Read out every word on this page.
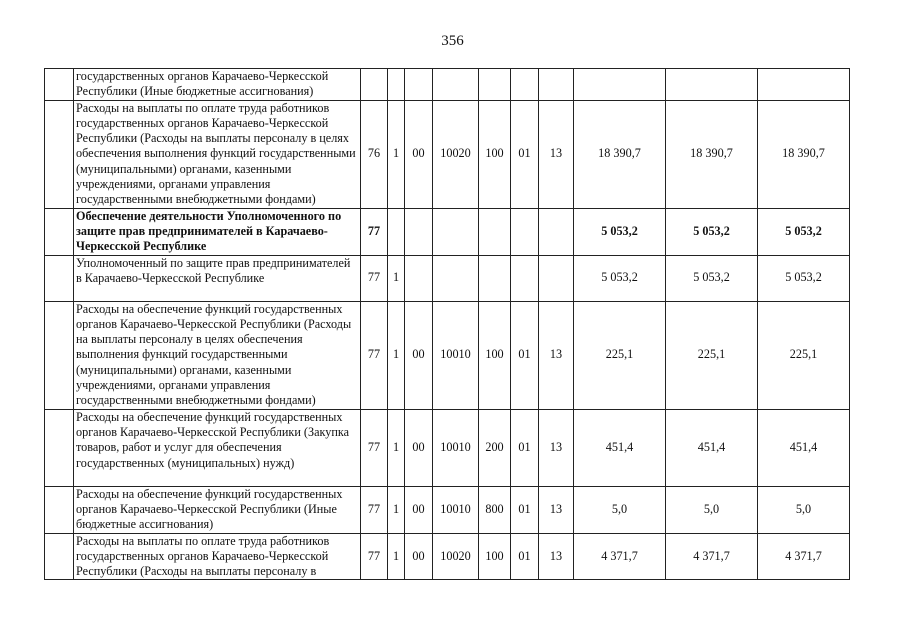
356
	государственных органов Карачаево-Черкесской Республики (Иные бюджетные ассигнования)										
	Расходы на выплаты по оплате труда работников государственных органов Карачаево-Черкесской Республики (Расходы на выплаты персоналу в целях обеспечения выполнения функций государственными (муниципальными) органами, казенными учреждениями, органами управления государственными внебюджетными фондами)	76	1	00	10020	100	01	13	18 390,7	18 390,7	18 390,7
	Обеспечение деятельности Уполномоченного по защите прав предпринимателей в Карачаево-Черкесской Республике	77							5 053,2	5 053,2	5 053,2
	Уполномоченный по защите прав предпринимателей в Карачаево-Черкесской Республике	77	1						5 053,2	5 053,2	5 053,2
	Расходы на обеспечение функций государственных органов Карачаево-Черкесской Республики (Расходы на выплаты персоналу в целях обеспечения выполнения функций государственными (муниципальными) органами, казенными учреждениями, органами управления государственными внебюджетными фондами)	77	1	00	10010	100	01	13	225,1	225,1	225,1
	Расходы на обеспечение функций государственных органов Карачаево-Черкесской Республики (Закупка товаров, работ и услуг для обеспечения государственных (муниципальных) нужд)	77	1	00	10010	200	01	13	451,4	451,4	451,4
	Расходы на обеспечение функций государственных органов Карачаево-Черкесской Республики (Иные бюджетные ассигнования)	77	1	00	10010	800	01	13	5,0	5,0	5,0
	Расходы на выплаты по оплате труда работников государственных органов Карачаево-Черкесской Республики (Расходы на выплаты персоналу в	77	1	00	10020	100	01	13	4 371,7	4 371,7	4 371,7
